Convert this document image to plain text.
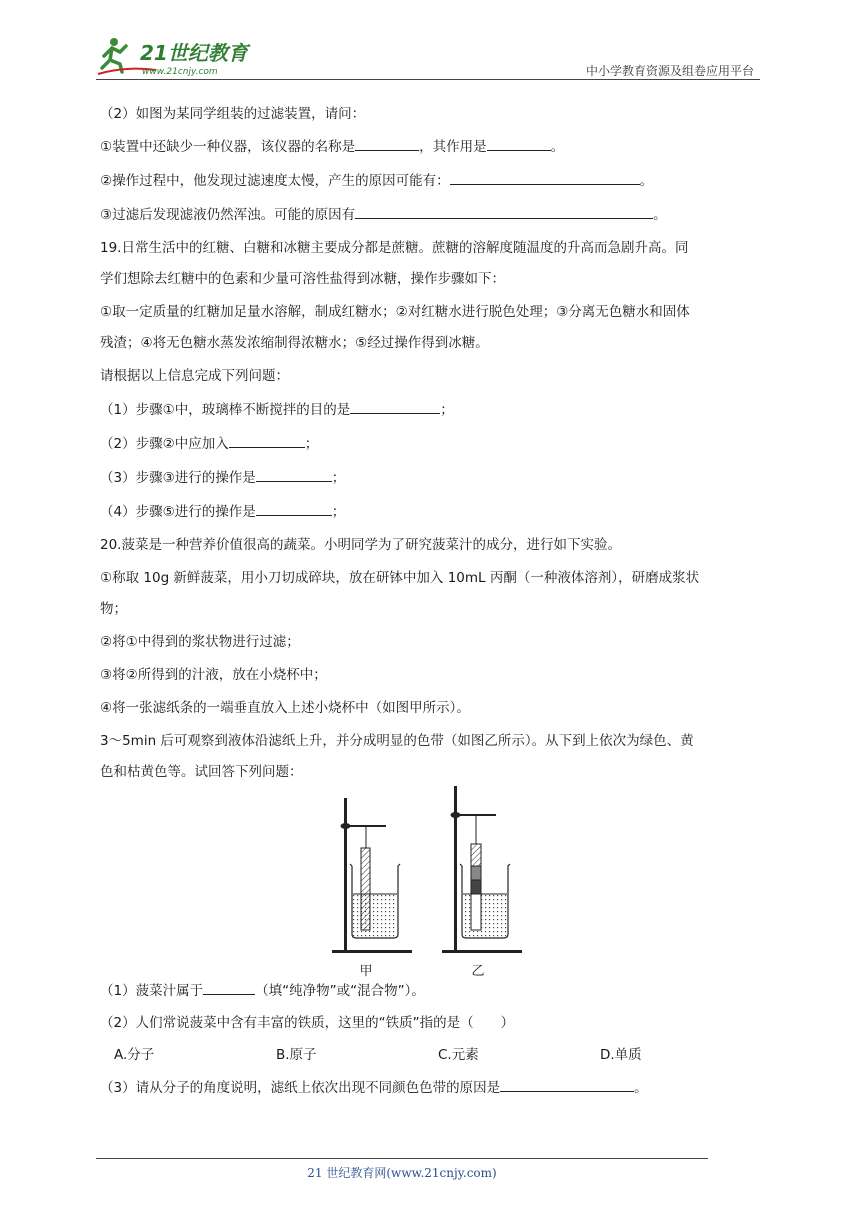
21世纪教育
www.21cnjy.com	中小学教育资源及组卷应用平台

（2）如图为某同学组装的过滤装置，请问：

①装置中还缺少一种仪器，该仪器的名称是	，其作用是	。

②操作过程中，他发现过滤速度太慢，产生的原因可能有：	。

③过滤后发现滤液仍然浑浊。可能的原因有	。

19.日常生活中的红糖、白糖和冰糖主要成分都是蔗糖。蔗糖的溶解度随温度的升高而急剧升高。同

学们想除去红糖中的色素和少量可溶性盐得到冰糖，操作步骤如下：

①取一定质量的红糖加足量水溶解，制成红糖水；②对红糖水进行脱色处理；③分离无色糖水和固体

残渣；④将无色糖水蒸发浓缩制得浓糖水；⑤经过操作得到冰糖。

请根据以上信息完成下列问题：

（1）步骤①中，玻璃棒不断搅拌的目的是	；

（2）步骤②中应加入	；

（3）步骤③进行的操作是	；

（4）步骤⑤进行的操作是	；

20.菠菜是一种营养价值很高的蔬菜。小明同学为了研究菠菜汁的成分，进行如下实验。

①称取 10g 新鲜菠菜，用小刀切成碎块，放在研钵中加入 10mL 丙酮（一种液体溶剂），研磨成浆状

物；

②将①中得到的浆状物进行过滤；

③将②所得到的汁液，放在小烧杯中；

④将一张滤纸条的一端垂直放入上述小烧杯中（如图甲所示）。

3～5min 后可观察到液体沿滤纸上升，并分成明显的色带（如图乙所示）。从下到上依次为绿色、黄

色和枯黄色等。试回答下列问题：

甲	乙

（1）菠菜汁属于	（填“纯净物”或“混合物”）。

（2）人们常说菠菜中含有丰富的铁质，这里的“铁质”指的是（　　）

A.分子	B.原子	C.元素	D.单质

（3）请从分子的角度说明，滤纸上依次出现不同颜色色带的原因是	。

21 世纪教育网(www.21cnjy.com)
